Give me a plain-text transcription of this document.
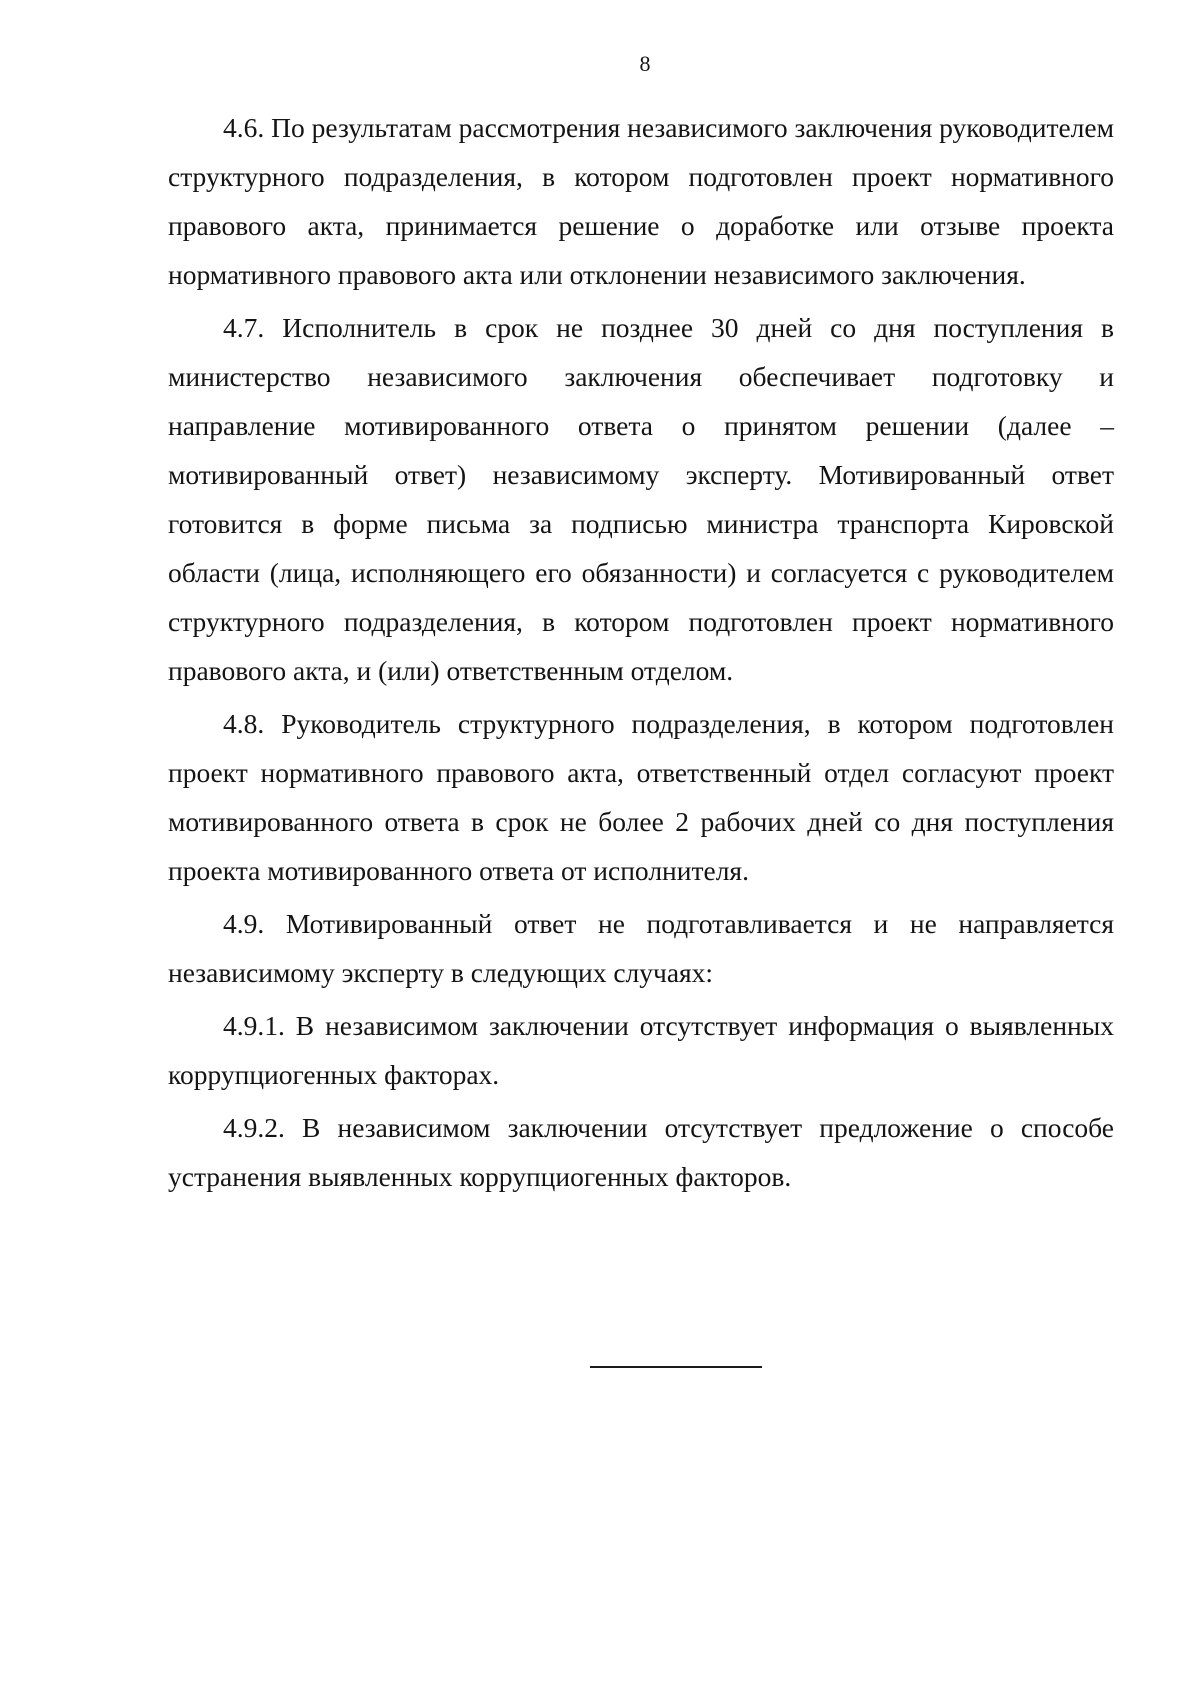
8

4.6. По результатам рассмотрения независимого заключения руководителем структурного подразделения, в котором подготовлен проект нормативного правового акта, принимается решение о доработке или отзыве проекта нормативного правового акта или отклонении независимого заключения.

4.7. Исполнитель в срок не позднее 30 дней со дня поступления в министерство независимого заключения обеспечивает подготовку и направление мотивированного ответа о принятом решении (далее – мотивированный ответ) независимому эксперту. Мотивированный ответ готовится в форме письма за подписью министра транспорта Кировской области (лица, исполняющего его обязанности) и согласуется с руководителем структурного подразделения, в котором подготовлен проект нормативного правового акта, и (или) ответственным отделом.

4.8. Руководитель структурного подразделения, в котором подготовлен проект нормативного правового акта, ответственный отдел согласуют проект мотивированного ответа в срок не более 2 рабочих дней со дня поступления проекта мотивированного ответа от исполнителя.

4.9. Мотивированный ответ не подготавливается и не направляется независимому эксперту в следующих случаях:

4.9.1. В независимом заключении отсутствует информация о выявленных коррупциогенных факторах.

4.9.2. В независимом заключении отсутствует предложение о способе устранения выявленных коррупциогенных факторов.
